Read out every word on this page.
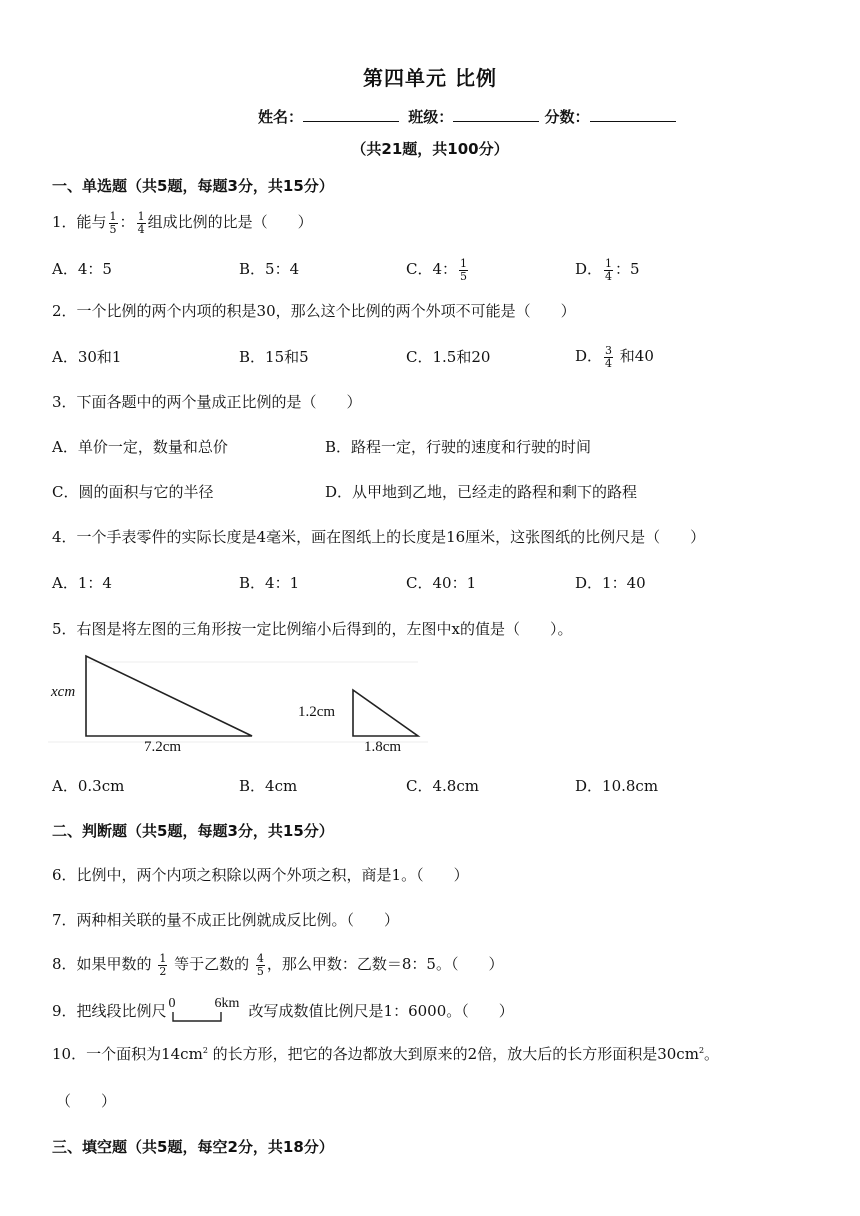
第四单元 比例
姓名：	班级：	分数：
（共21题，共100分）
一、单选题（共5题，每题3分，共15分）
1．能与 $\frac{1}{5}$ ： $\frac{1}{4}$ 组成比例的比是（　　）
A．4：5	B．5：4	C．4： $\frac{1}{5}$	D． $\frac{1}{4}$ ：5
2．一个比例的两个内项的积是30，那么这个比例的两个外项不可能是（　　）
A．30和1	B．15和5	C．1.5和20	D． $\frac{3}{4}$ 和40
3．下面各题中的两个量成正比例的是（　　）
A．单价一定，数量和总价	B．路程一定，行驶的速度和行驶的时间
C．圆的面积与它的半径	D．从甲地到乙地，已经走的路程和剩下的路程
4．一个手表零件的实际长度是4毫米，画在图纸上的长度是16厘米，这张图纸的比例尺是（　　）
A．1：4	B．4：1	C．40：1	D．1：40
5．右图是将左图的三角形按一定比例缩小后得到的，左图中x的值是（　　）。
xcm
7.2cm
1.2cm
1.8cm
A．0.3cm	B．4cm	C．4.8cm	D．10.8cm
二、判断题（共5题，每题3分，共15分）
6．比例中，两个内项之积除以两个外项之积，商是1。（　　）
7．两种相关联的量不成正比例就成反比例。（　　）
8．如果甲数的 $\frac{1}{2}$ 等于乙数的 $\frac{4}{5}$ ，那么甲数：乙数＝8：5。（　　）
9．把线段比例尺 0	6km 改写成数值比例尺是1：6000。（　　）
10．一个面积为$14cm^2$ 的长方形，把它的各边都放大到原来的2倍，放大后的长方形面积是$30cm^2$。
（　　）
三、填空题（共5题，每空2分，共18分）
